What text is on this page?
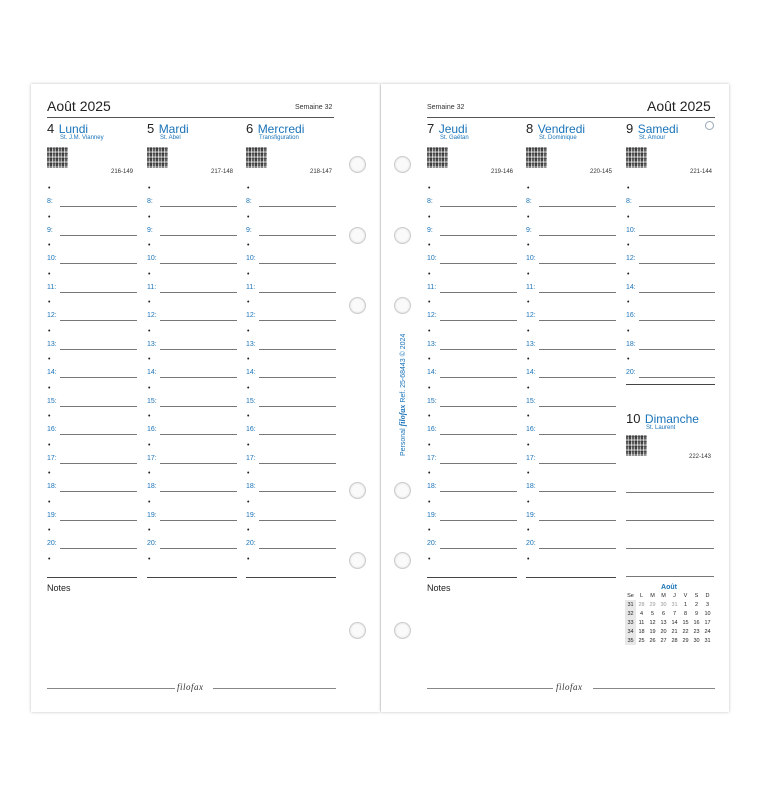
Août 2025	Semaine 32
4 Lundi
St. J.M. Vianney
216-149
•
8:
•
9:
•
10:
•
11:
•
12:
•
13:
•
14:
•
15:
•
16:
•
17:
•
18:
•
19:
•
20:
•
5 Mardi
St. Abel
217-148
•
8:
•
9:
•
10:
•
11:
•
12:
•
13:
•
14:
•
15:
•
16:
•
17:
•
18:
•
19:
•
20:
•
6 Mercredi
Transfiguration
218-147
•
8:
•
9:
•
10:
•
11:
•
12:
•
13:
•
14:
•
15:
•
16:
•
17:
•
18:
•
19:
•
20:
•
Notes
filofax
Semaine 32	Août 2025
7 Jeudi
St. Gaëtan
219-146
•
8:
•
9:
•
10:
•
11:
•
12:
•
13:
•
14:
•
15:
•
16:
•
17:
•
18:
•
19:
•
20:
•
8 Vendredi
St. Dominique
220-145
•
8:
•
9:
•
10:
•
11:
•
12:
•
13:
•
14:
•
15:
•
16:
•
17:
•
18:
•
19:
•
20:
•
9 Samedi
St. Amour
221-144
•
8:
•
10:
•
12:
•
14:
•
16:
•
18:
•
20:
10 Dimanche
St. Laurent
222-143
Notes	Août
Se	L	M	M	J	V	S	D
31	28	29	30	31	1	2	3
32	4	5	6	7	8	9	10
33	11	12	13	14	15	16	17
34	18	19	20	21	22	23	24
35	25	26	27	28	29	30	31
filofax
Personal filofax Ref. 25-68443 © 2024
